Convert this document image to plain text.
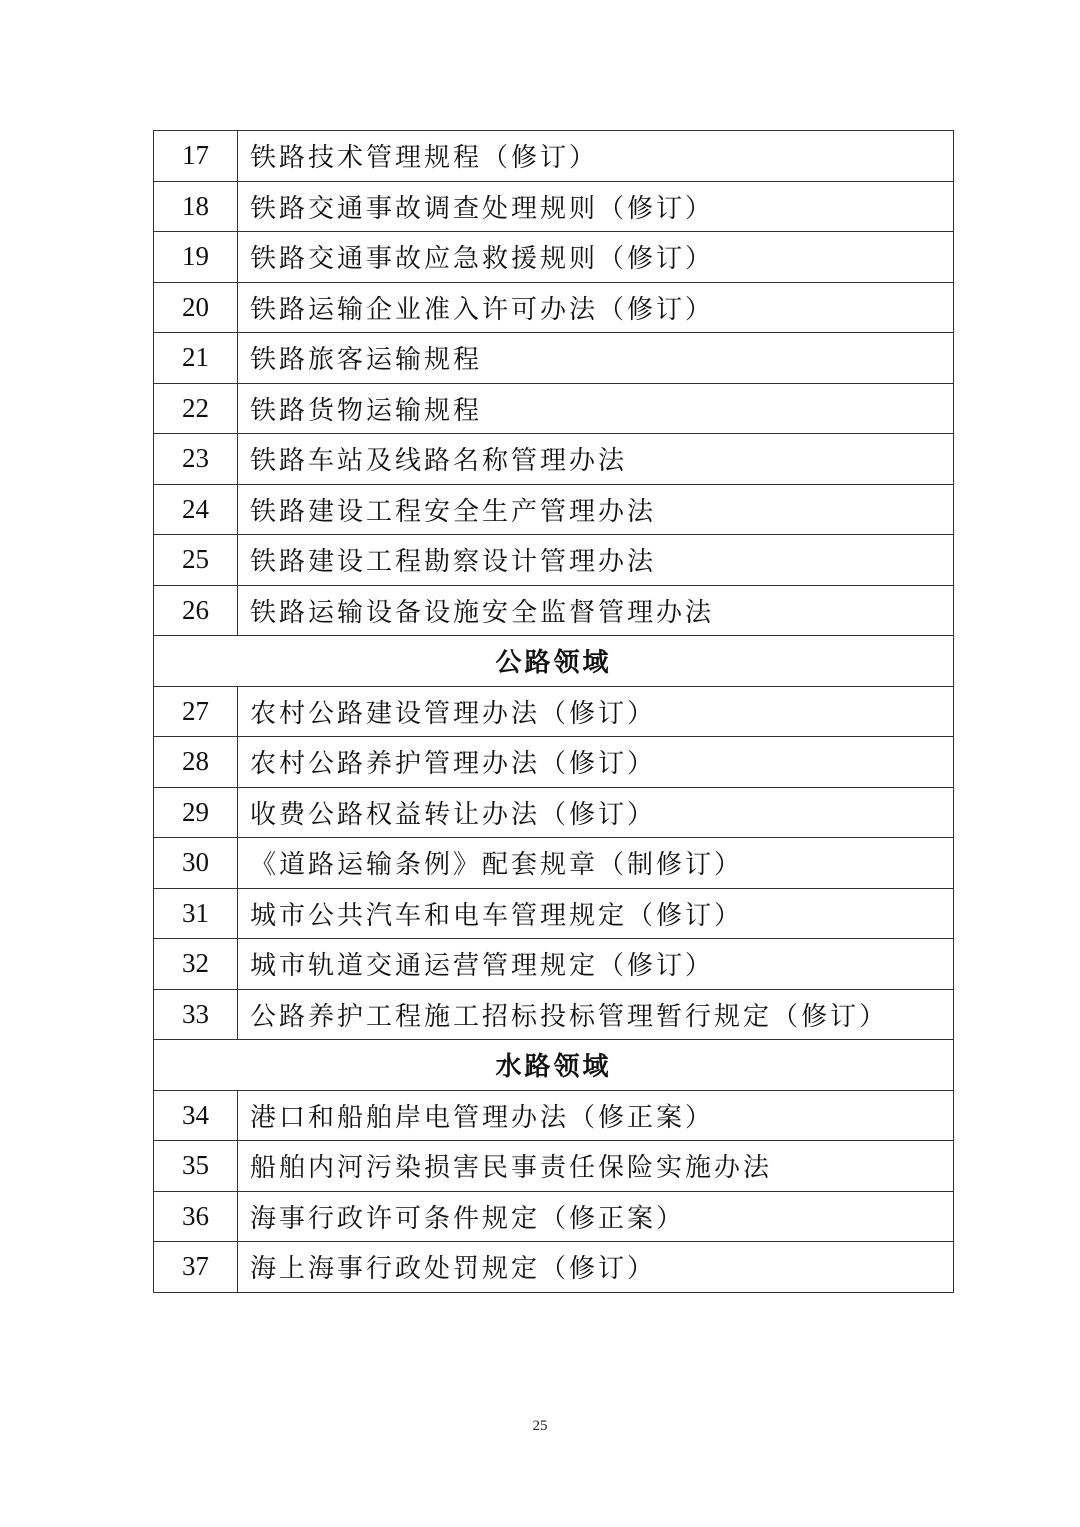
17	铁路技术管理规程（修订）
18	铁路交通事故调查处理规则（修订）
19	铁路交通事故应急救援规则（修订）
20	铁路运输企业准入许可办法（修订）
21	铁路旅客运输规程
22	铁路货物运输规程
23	铁路车站及线路名称管理办法
24	铁路建设工程安全生产管理办法
25	铁路建设工程勘察设计管理办法
26	铁路运输设备设施安全监督管理办法
公路领域	
27	农村公路建设管理办法（修订）
28	农村公路养护管理办法（修订）
29	收费公路权益转让办法（修订）
30	《道路运输条例》配套规章（制修订）
31	城市公共汽车和电车管理规定（修订）
32	城市轨道交通运营管理规定（修订）
33	公路养护工程施工招标投标管理暂行规定（修订）
水路领域	
34	港口和船舶岸电管理办法（修正案）
35	船舶内河污染损害民事责任保险实施办法
36	海事行政许可条件规定（修正案）
37	海上海事行政处罚规定（修订）
25
